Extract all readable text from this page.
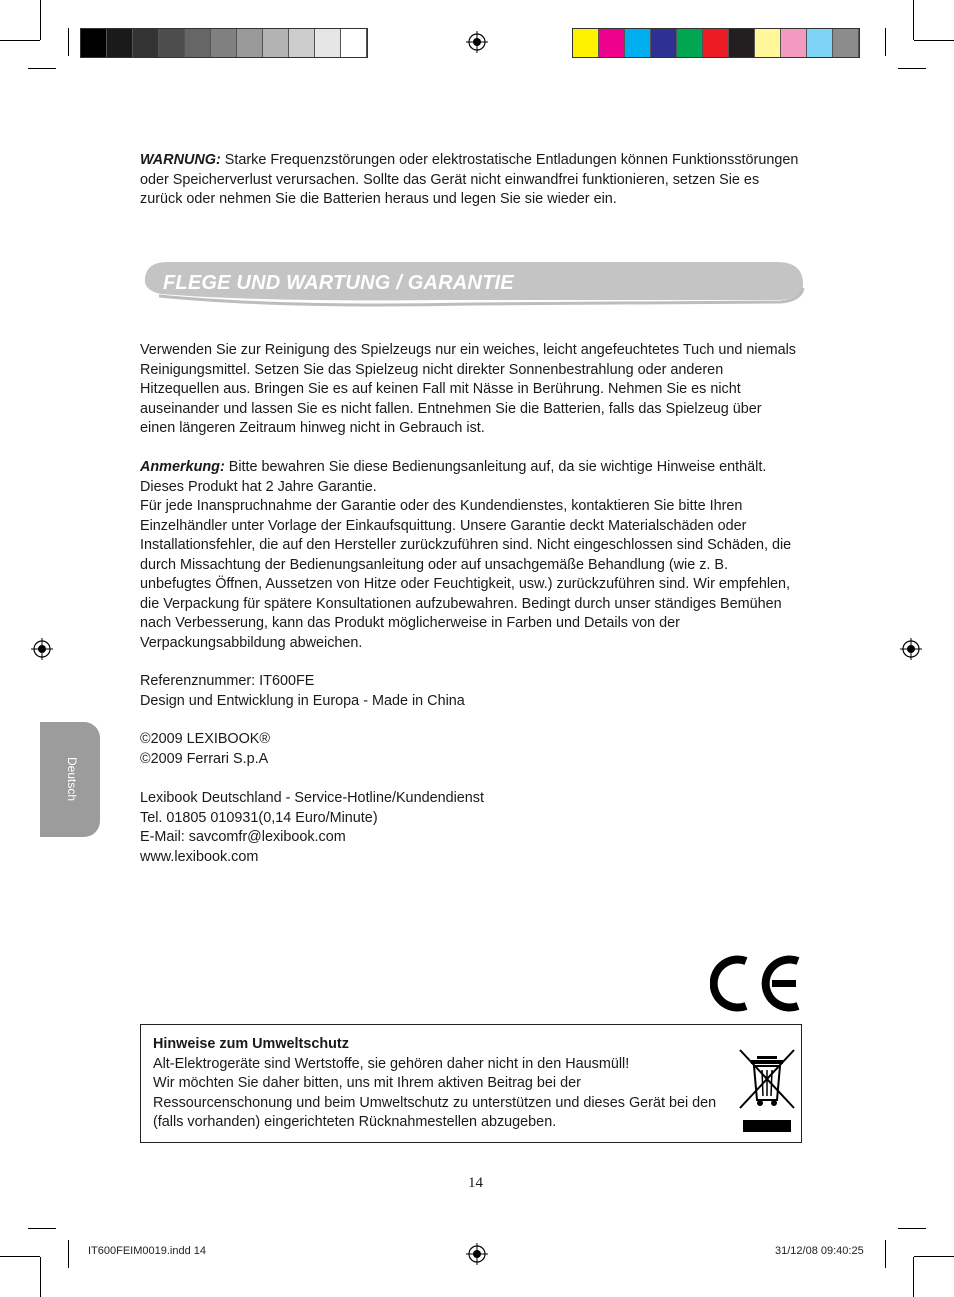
WARNUNG: Starke Frequenzstörungen oder elektrostatische Entladungen können Funktionsstörungen oder Speicherverlust verursachen. Sollte das Gerät nicht einwandfrei funktionieren, setzen Sie es zurück oder nehmen Sie die Batterien heraus und legen Sie sie wieder ein.

FLEGE UND WARTUNG / GARANTIE

Verwenden Sie zur Reinigung des Spielzeugs nur ein weiches, leicht angefeuchtetes Tuch und niemals Reinigungsmittel. Setzen Sie das Spielzeug nicht direkter Sonnenbestrahlung oder anderen Hitzequellen aus. Bringen Sie es auf keinen Fall mit Nässe in Berührung. Nehmen Sie es nicht auseinander und lassen Sie es nicht fallen. Entnehmen Sie die Batterien, falls das Spielzeug über einen längeren Zeitraum hinweg nicht in Gebrauch ist.

Anmerkung: Bitte bewahren Sie diese Bedienungsanleitung auf, da sie wichtige Hinweise enthält. Dieses Produkt hat 2 Jahre Garantie.

Für jede Inanspruchnahme der Garantie oder des Kundendienstes, kontaktieren Sie bitte Ihren Einzelhändler unter Vorlage der Einkaufsquittung. Unsere Garantie deckt Materialschäden oder Installationsfehler, die auf den Hersteller zurückzuführen sind. Nicht eingeschlossen sind Schäden, die durch Missachtung der Bedienungsanleitung oder auf unsachgemäße Behandlung (wie z. B. unbefugtes Öffnen, Aussetzen von Hitze oder Feuchtigkeit, usw.) zurückzuführen sind. Wir empfehlen, die Verpackung für spätere Konsultationen aufzubewahren. Bedingt durch unser ständiges Bemühen nach Verbesserung, kann das Produkt möglicherweise in Farben und Details von der Verpackungsabbildung abweichen.

Referenznummer: IT600FE

Design und Entwicklung in Europa - Made in China

©2009 LEXIBOOK®

©2009 Ferrari S.p.A

Lexibook Deutschland - Service-Hotline/Kundendienst

Tel. 01805 010931(0,14 Euro/Minute)

E-Mail: savcomfr@lexibook.com

www.lexibook.com

Deutsch

Hinweise zum Umweltschutz

Alt-Elektrogeräte sind Wertstoffe, sie gehören daher nicht in den Hausmüll!

Wir möchten Sie daher bitten, uns mit Ihrem aktiven Beitrag bei der Ressourcenschonung und beim Umweltschutz zu unterstützen und dieses Gerät bei den (falls vorhanden) eingerichteten Rücknahmestellen abzugeben.

14
IT600FEIM0019.indd 14	31/12/08 09:40:25
